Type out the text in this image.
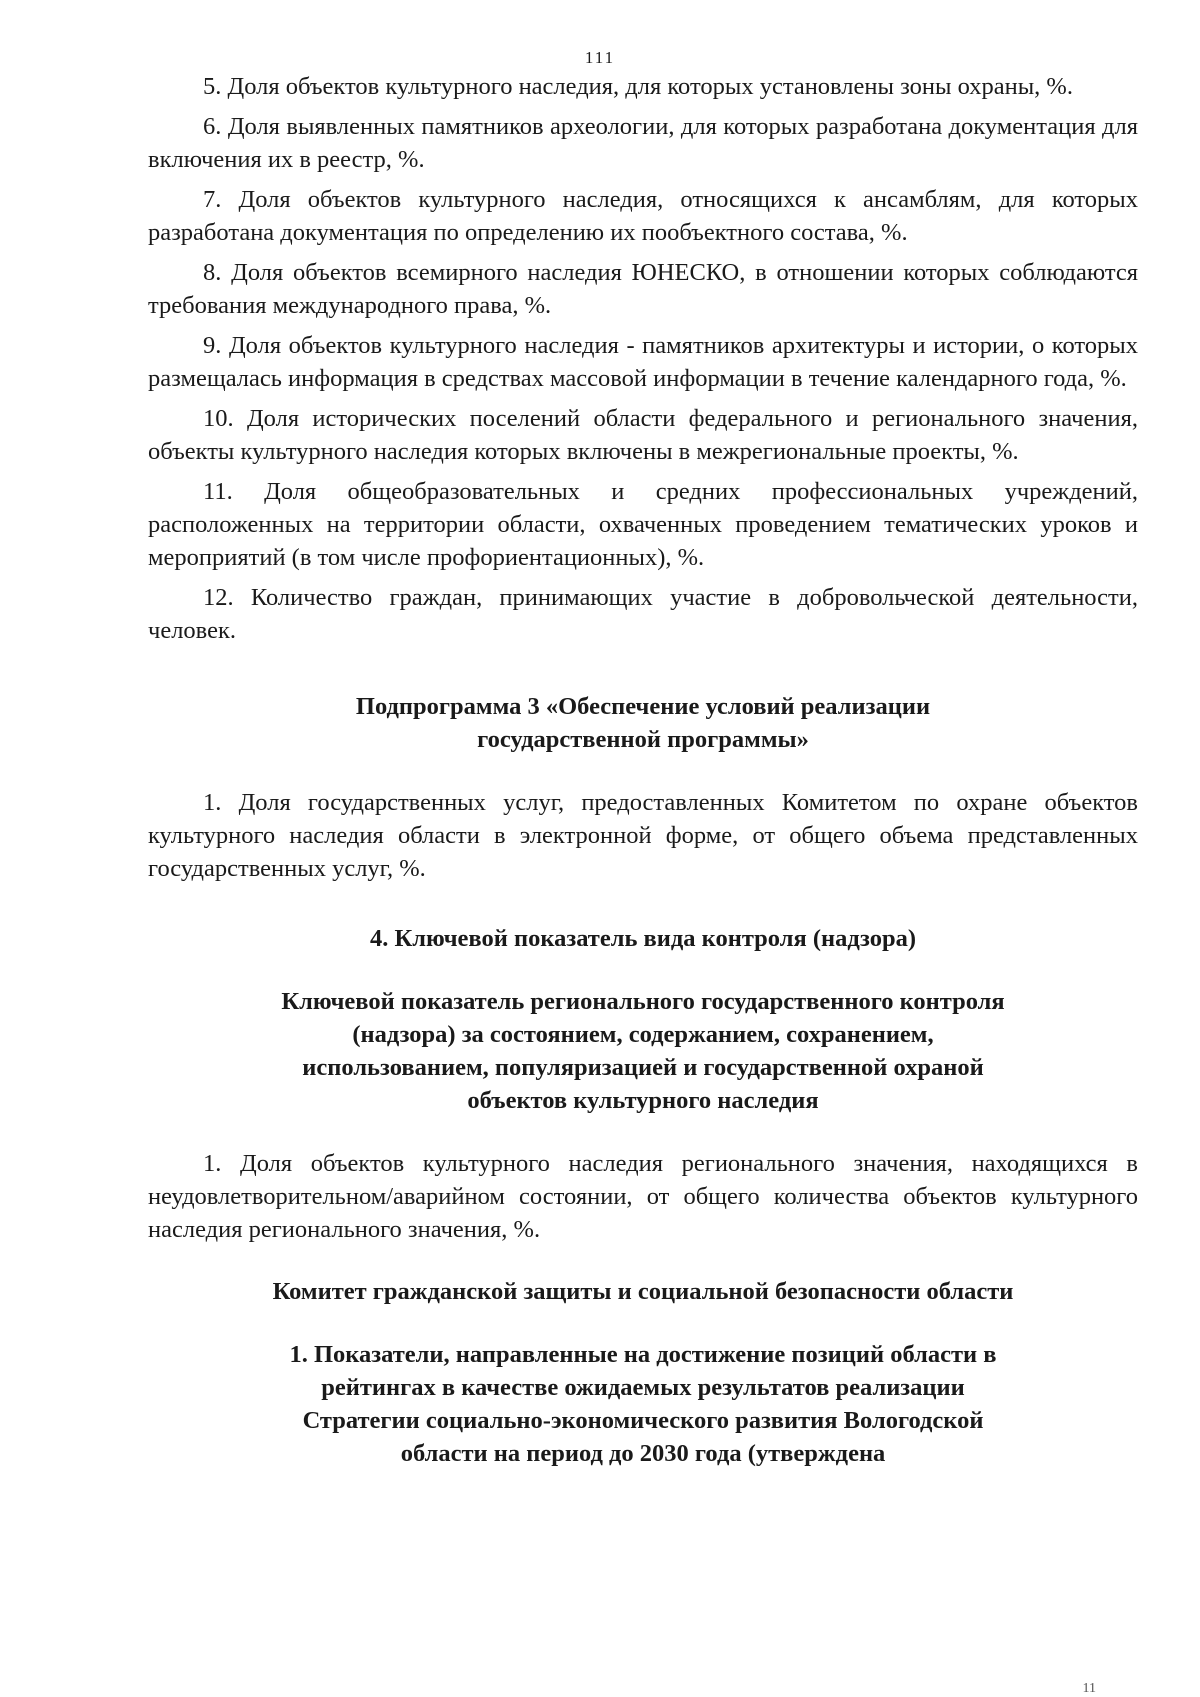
111

5. Доля объектов культурного наследия, для которых установлены зоны охраны, %.

6. Доля выявленных памятников археологии, для которых разработана документация для включения их в реестр, %.

7. Доля объектов культурного наследия, относящихся к ансамблям, для которых разработана документация по определению их пообъектного состава, %.

8. Доля объектов всемирного наследия ЮНЕСКО, в отношении которых соблюдаются требования международного права, %.

9. Доля объектов культурного наследия - памятников архитектуры и истории, о которых размещалась информация в средствах массовой информации в течение календарного года, %.

10. Доля исторических поселений области федерального и регионального значения, объекты культурного наследия которых включены в межрегиональные проекты, %.

11. Доля общеобразовательных и средних профессиональных учреждений, расположенных на территории области, охваченных проведением тематических уроков и мероприятий (в том числе профориентационных), %.

12. Количество граждан, принимающих участие в добровольческой деятельности, человек.

Подпрограмма 3 «Обеспечение условий реализации государственной программы»

1. Доля государственных услуг, предоставленных Комитетом по охране объектов культурного наследия области в электронной форме, от общего объема представленных государственных услуг, %.

4. Ключевой показатель вида контроля (надзора)
Ключевой показатель регионального государственного контроля (надзора) за состоянием, содержанием, сохранением, использованием, популяризацией и государственной охраной объектов культурного наследия

1. Доля объектов культурного наследия регионального значения, находящихся в неудовлетворительном/аварийном состоянии, от общего количества объектов культурного наследия регионального значения, %.

Комитет гражданской защиты и социальной безопасности области
1. Показатели, направленные на достижение позиций области в рейтингах в качестве ожидаемых результатов реализации Стратегии социально-экономического развития Вологодской области на период до 2030 года (утверждена
11
